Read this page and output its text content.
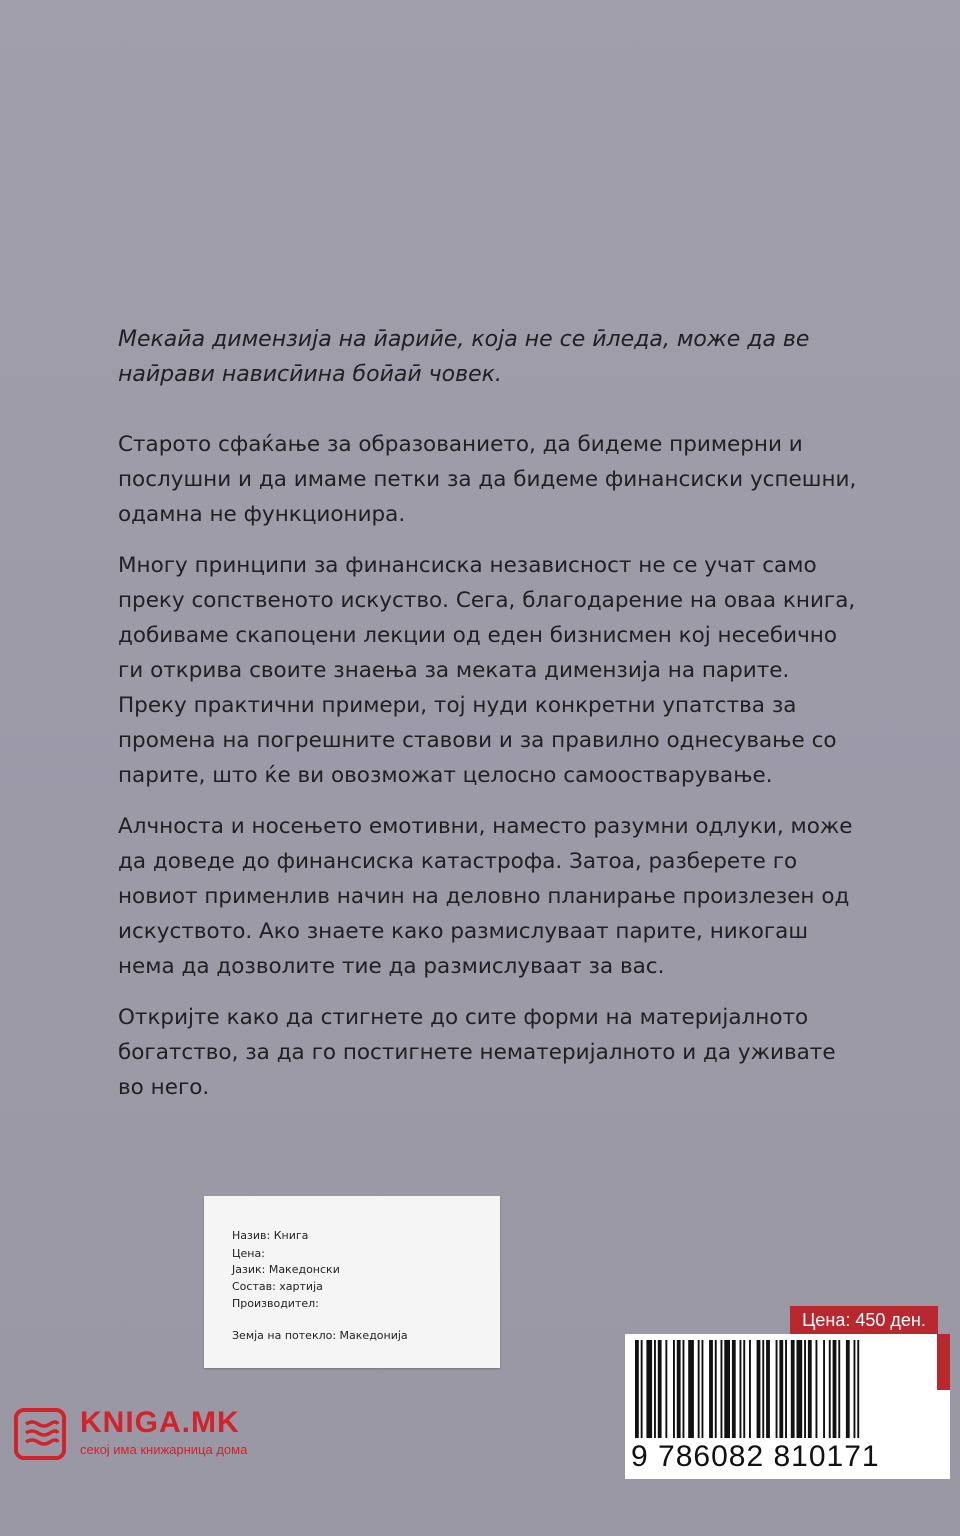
Мекаӣа димензија на ӣариӣе, која не се ӣледа, може да ве наӣрави нависӣина боӣаӣ човек.

Старото сфаќање за образованието, да бидеме примерни и послушни и да имаме петки за да бидеме финансиски успешни, одамна не функционира.

Многу принципи за финансиска независност не се учат само преку сопственото искуство. Сега, благодарение на оваа книга, добиваме скапоцени лекции од еден бизнисмен кој несебично ги открива своите знаења за меката димензија на парите. Преку практични примери, тој нуди конкретни упатства за промена на погрешните ставови и за правилно однесување со парите, што ќе ви овозможат целосно самоостварување.

Алчноста и носењето емотивни, наместо разумни одлуки, може да доведе до финансиска катастрофа. Затоа, разберете го новиот применлив начин на деловно планирање произлезен од искуството. Ако знаете како размислуваат парите, никогаш нема да дозволите тие да размислуваат за вас.

Откријте како да стигнете до сите форми на материјалното богатство, за да го постигнете нематеријалното и да уживате во него.

Назив: Книга
Цена:
Јазик: Македонски
Состав: хартија
Производител:
Земја на потекло: Македонија
Цена: 450 ден.
9 786082 810171
KNIGA.MK
секој има книжарница дома
